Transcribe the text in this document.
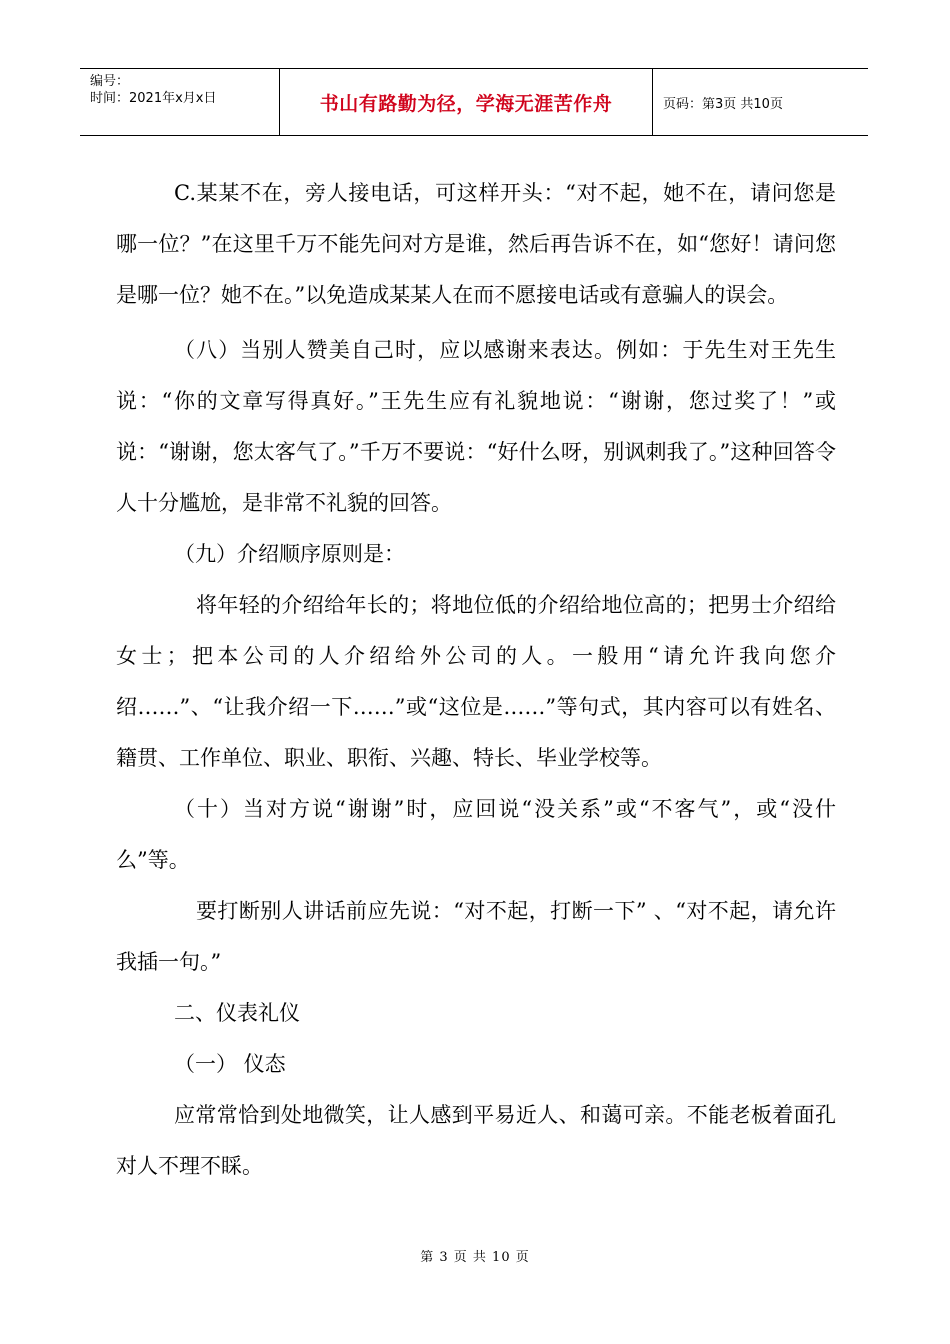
编号：
时间：2021年x月x日	书山有路勤为径，学海无涯苦作舟	页码：第3页 共10页

C.某某不在，旁人接电话，可这样开头：“对不起，她不在，请问您是哪一位？”在这里千万不能先问对方是谁，然后再告诉不在，如“您好！请问您是哪一位？她不在。”以免造成某某人在而不愿接电话或有意骗人的误会。

（八）当别人赞美自己时，应以感谢来表达。例如：于先生对王先生说：“你的文章写得真好。”王先生应有礼貌地说：“谢谢，您过奖了！”或说：“谢谢，您太客气了。”千万不要说：“好什么呀，别讽刺我了。”这种回答令人十分尴尬，是非常不礼貌的回答。

（九）介绍顺序原则是：

将年轻的介绍给年长的；将地位低的介绍给地位高的；把男士介绍给女士；把本公司的人介绍给外公司的人。一般用“请允许我向您介绍……”、“让我介绍一下……”或“这位是……”等句式，其内容可以有姓名、籍贯、工作单位、职业、职衔、兴趣、特长、毕业学校等。

（十）当对方说“谢谢”时，应回说“没关系”或“不客气”，或“没什么”等。

要打断别人讲话前应先说：“对不起，打断一下” 、“对不起，请允许我插一句。”

二、仪表礼仪

（一） 仪态

应常常恰到处地微笑，让人感到平易近人、和蔼可亲。不能老板着面孔对人不理不睬。

第 3 页 共 10 页
